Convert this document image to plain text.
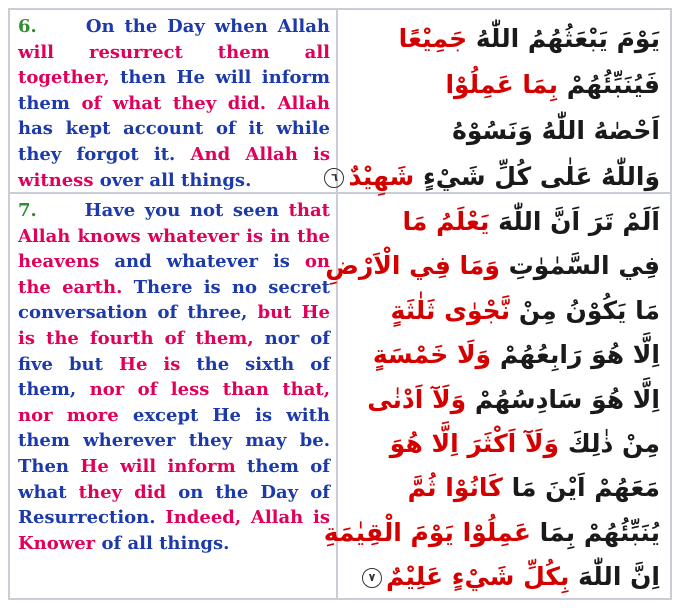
6.	On the Day when Allah will resurrect them all together, then He will inform them of what they did. Allah has kept account of it while they forgot it. And Allah is witness over all things.

يَوْمَ يَبْعَثُهُمُ اللّٰهُ جَمِيْعًا
فَيُنَبِّئُهُمْ بِمَا عَمِلُوْا
اَحْصٰهُ اللّٰهُ وَنَسُوْهُ
وَاللّٰهُ عَلٰى كُلِّ شَيْءٍ شَهِيْدٌ٦

7.	Have you not seen that Allah knows whatever is in the heavens and whatever is on the earth. There is no secret conversation of three, but He is the fourth of them, nor of five but He is the sixth of them, nor of less than that, nor more except He is with them wherever they may be. Then He will inform them of what they did on the Day of Resurrection. Indeed, Allah is Knower of all things.

اَلَمْ تَرَ اَنَّ اللّٰهَ يَعْلَمُ مَا
فِي السَّمٰوٰتِ وَمَا فِي الْاَرْضِ
مَا يَكُوْنُ مِنْ نَّجْوٰى ثَلٰثَةٍ
اِلَّا هُوَ رَابِعُهُمْ وَلَا خَمْسَةٍ
اِلَّا هُوَ سَادِسُهُمْ وَلَآ اَدْنٰى
مِنْ ذٰلِكَ وَلَآ اَكْثَرَ اِلَّا هُوَ
مَعَهُمْ اَيْنَ مَا كَانُوْا ثُمَّ
يُنَبِّئُهُمْ بِمَا عَمِلُوْا يَوْمَ الْقِيٰمَةِ
اِنَّ اللّٰهَ بِكُلِّ شَيْءٍ عَلِيْمٌ٧
